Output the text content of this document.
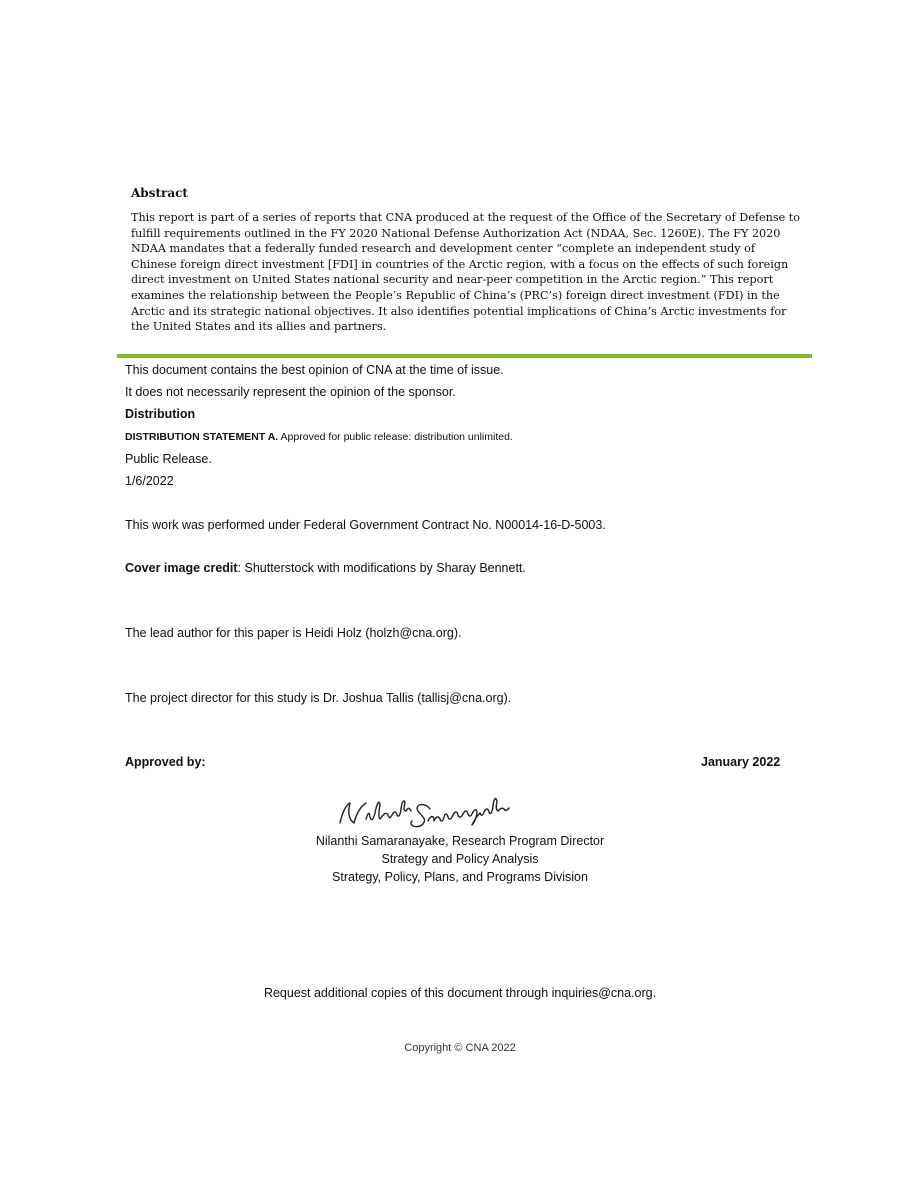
Abstract
This report is part of a series of reports that CNA produced at the request of the Office of the Secretary of Defense to fulfill requirements outlined in the FY 2020 National Defense Authorization Act (NDAA, Sec. 1260E). The FY 2020 NDAA mandates that a federally funded research and development center “complete an independent study of Chinese foreign direct investment [FDI] in countries of the Arctic region, with a focus on the effects of such foreign direct investment on United States national security and near-peer competition in the Arctic region.” This report examines the relationship between the People’s Republic of China’s (PRC’s) foreign direct investment (FDI) in the Arctic and its strategic national objectives. It also identifies potential implications of China’s Arctic investments for the United States and its allies and partners.
This document contains the best opinion of CNA at the time of issue.
It does not necessarily represent the opinion of the sponsor.
Distribution
DISTRIBUTION STATEMENT A. Approved for public release: distribution unlimited.
Public Release.
1/6/2022
This work was performed under Federal Government Contract No. N00014-16-D-5003.
Cover image credit: Shutterstock with modifications by Sharay Bennett.
The lead author for this paper is Heidi Holz (holzh@cna.org).
The project director for this study is Dr. Joshua Tallis (tallisj@cna.org).
Approved by:	January 2022
Nilanthi Samaranayake, Research Program Director
Strategy and Policy Analysis
Strategy, Policy, Plans, and Programs Division
Request additional copies of this document through inquiries@cna.org.
Copyright © CNA 2022
